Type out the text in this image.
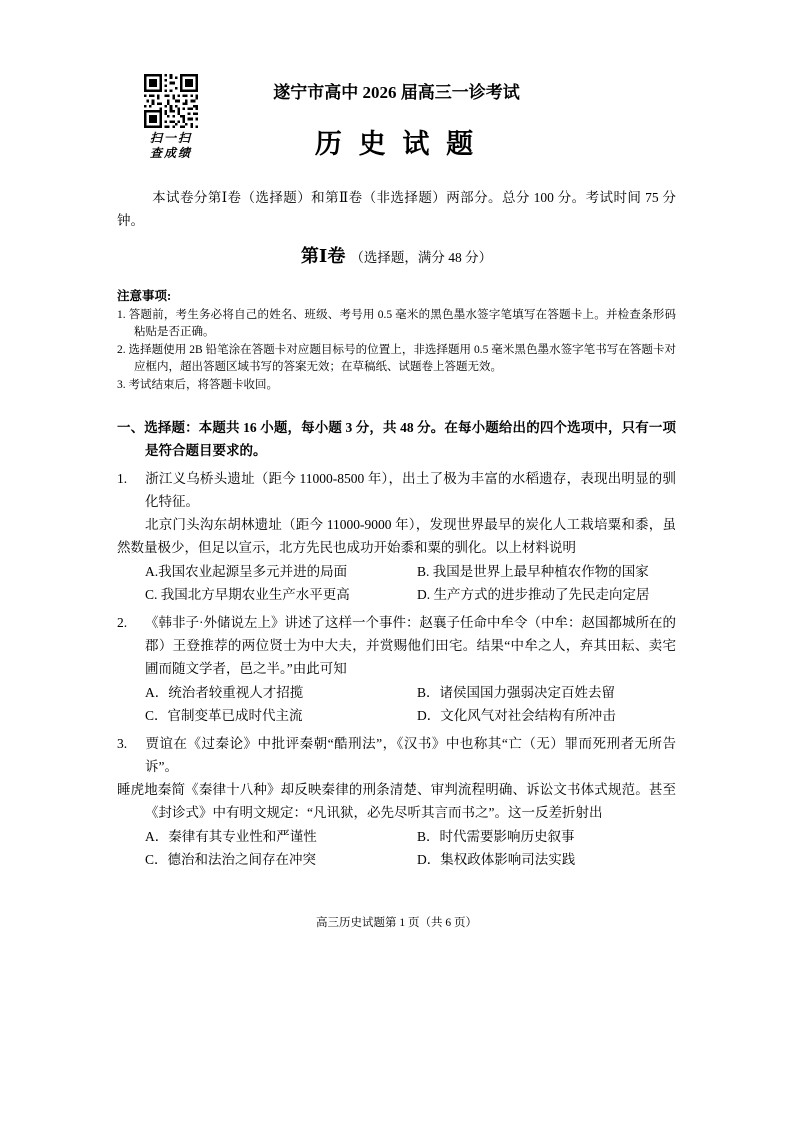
扫一扫
查成绩
遂宁市高中 2026 届高三一诊考试
历 史 试 题

本试卷分第Ⅰ卷（选择题）和第Ⅱ卷（非选择题）两部分。总分 100 分。考试时间 75 分钟。

第Ⅰ卷 （选择题，满分 48 分）
注意事项:

1. 答题前，考生务必将自己的姓名、班级、考号用 0.5 毫米的黑色墨水签字笔填写在答题卡上。并检查条形码粘贴是否正确。

2. 选择题使用 2B 铅笔涂在答题卡对应题目标号的位置上，非选择题用 0.5 毫米黑色墨水签字笔书写在答题卡对应框内，超出答题区域书写的答案无效；在草稿纸、试题卷上答题无效。

3. 考试结束后，将答题卡收回。

一、选择题：本题共 16 小题，每小题 3 分，共 48 分。在每小题给出的四个选项中，只有一项是符合题目要求的。

1. 浙江义乌桥头遗址（距今 11000-8500 年），出土了极为丰富的水稻遗存，表现出明显的驯化特征。

北京门头沟东胡林遗址（距今 11000-9000 年），发现世界最早的炭化人工栽培粟和黍，虽然数量极少，但足以宣示，北方先民也成功开始黍和粟的驯化。以上材料说明

A.我国农业起源呈多元并进的局面	B. 我国是世界上最早种植农作物的国家
C. 我国北方早期农业生产水平更高	D. 生产方式的进步推动了先民走向定居

2. 《韩非子·外储说左上》讲述了这样一个事件：赵襄子任命中牟令（中牟：赵国都城所在的郡）王登推荐的两位贤士为中大夫，并赏赐他们田宅。结果“中牟之人，弃其田耘、卖宅圃而随文学者，邑之半。”由此可知

A．统治者较重视人才招揽	B．诸侯国国力强弱决定百姓去留
C．官制变革已成时代主流	D．文化风气对社会结构有所冲击

3. 贾谊在《过秦论》中批评秦朝“酷刑法”，《汉书》中也称其“亡（无）罪而死刑者无所告诉”。

睡虎地秦简《秦律十八种》却反映秦律的刑条清楚、审判流程明确、诉讼文书体式规范。甚至《封诊式》中有明文规定：“凡讯狱，必先尽听其言而书之”。这一反差折射出

A．秦律有其专业性和严谨性	B．时代需要影响历史叙事
C．德治和法治之间存在冲突	D．集权政体影响司法实践
高三历史试题第 1 页（共 6 页）
